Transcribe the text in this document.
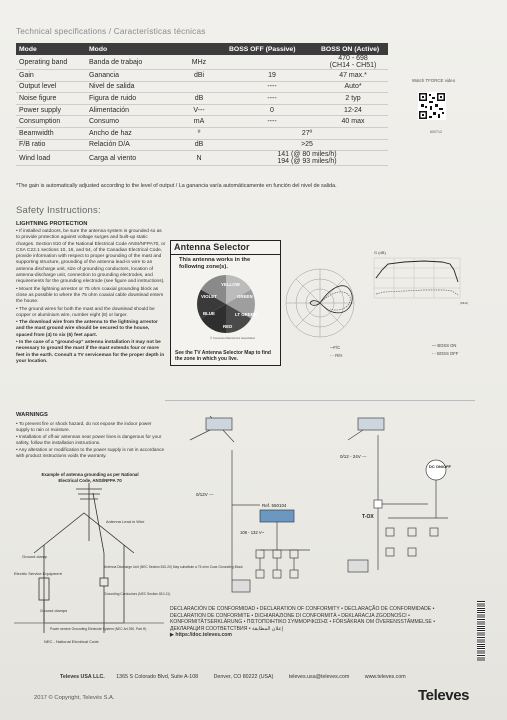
Technical specifications / Características técnicas
Mode	Modo		BOSS OFF (Passive)	BOSS ON (Active)
Operating band	Banda de trabajo	MHz		470 - 698
(CH14 - CH51)
Gain	Ganancia	dBi	19	47 max.*
Output level	Nivel de salida		----	Auto*
Noise figure	Figura de ruido	dB	----	2 typ
Power supply	Alimentación	V---	0	12-24
Consumption	Consumo	mA	----	40 max
Beamwidth	Ancho de haz	º	27º	
F/B ratio	Relación D/A	dB	>25	
Wind load	Carga al viento	N	141 (@ 80 miles/h)
194 (@ 93 miles/h)	
*The gain is automatically adjusted according to the level of output / La ganancia varía automáticamente en función del nivel de salida.
Watch TFORCE video
600712
Safety Instructions:
LIGHTNING PROTECTION

• If installed outdoors, be sure the antenna system is grounded so as to provide protection against voltage surges and built-up static charges. Section 810 of the National Electrical Code ANSI/NFPA70, or CSA C22.1 sections 10, 16, and 54, of the Canadian Electrical Code, provide information with respect to proper grounding of the mast and supporting structure, grounding of the antenna lead-in wire to an antenna discharge unit, size of grounding conductors, location of antenna-discharge unit, connection to grounding electrodes, and requirements for the grounding electrode (see figure and instructions).

• Mount the lightning arrestor or 75 ohm coaxial grounding block as close as possible to where the 75 ohm coaxial cable downlead enters the house.

• The ground wires for both the mast and the downlead should be copper or aluminium wire, number eight (8) or larger.

• The download wire from the antenna to the lightning arrestor and the mast ground wire should be secured to the house, spaced from (4) to six (6) feet apart.

• In the case of a "ground-up" antenna installation it may not be necessary to ground the mast if the mast extends four or more feet in the earth. Consult a TV serviceman for the proper depth in your location.

WARNINGS

• To prevent fire or shock hazard, do not expose the indoor power supply to rain or moisture.

• Installation of off-air antennas near power lines is dangerous for your safety, follow the installation instructions.

• Any alteration or modification to the power supply is not in accordance with product instructions voids the warranty.

Example of antenna grounding as per National Electrical Code, ANSI/NFPA 70
Antenna Lead in Wire
Ground clamp
Electric Service Equipment
Antenna Discharge Unit (NEC Section 810-20) May substitute a 75 ohm Coax Grounding Block
Grounding Conductors (NEC Section 810-21)
Ground clamps
Power service Grounding Electrode System (NEC Art 250, Part H)
NEC - National Electrical Code
Antenna Selector
This antenna works in the following zone(s).
YELLOW
GREEN
LT GREEN
RED
BLUE
VIOLET
© Consumer Electronics Association
See the TV Antenna Selector Map to find the zone in which you live.
— F/C
- - R/H
G (dB)
(MHz)
— BOSS ON
- - BOSS OFF
Ref. 550104
0/12V ---
108 - 132 V~
0/12 - 24V ---
DC ON/OFF
T-OX
DECLARACIÓN DE CONFORMIDAD • DECLARATION OF CONFORMITY • DECLARAÇÃO DE CONFORMIDADE • DECLARATION DE CONFORMITE • DICHIARAZIONE DI CONFORMITÀ • DEKLARACJA ZGODNOŚCI • KONFORMITÄTSERKLÄRUNG • ΠΙΣΤΟΠΟΙΗΤΙΚΟ ΣΥΜΜΟΡΦΩΣΗΣ • FÖRSÄKRAN OM ÖVERENSSTÄMMELSE • ДЕКЛАРАЦИЯ СООТВЕТСТВИЯ • إعلان المطابقة
▶ https://doc.televes.com
Televes USA LLC. 1365 S Colorado Blvd, Suite A-108	Denver, CO 80222 (USA)	televes.usa@televes.com	www.televes.com
2017 © Copyright, Televés S.A.	Televes
